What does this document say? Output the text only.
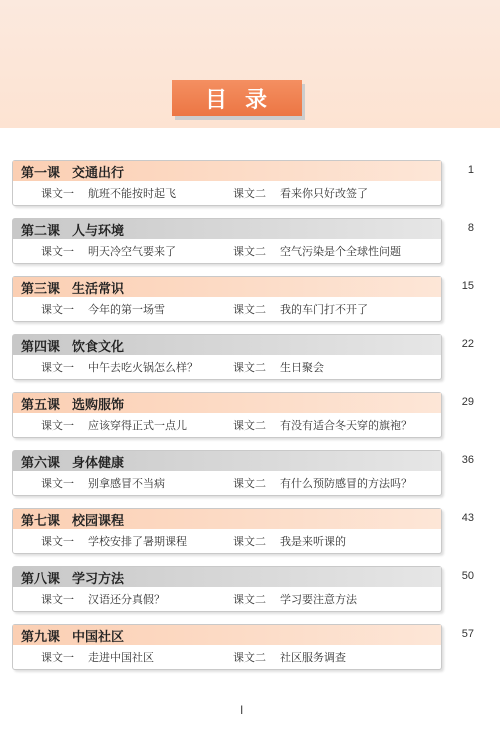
目录
第一课 交通出行
课文一 航班不能按时起飞	课文二 看来你只好改签了
1
第二课 人与环境
课文一 明天冷空气要来了	课文二 空气污染是个全球性问题
8
第三课 生活常识
课文一 今年的第一场雪	课文二 我的车门打不开了
15
第四课 饮食文化
课文一 中午去吃火锅怎么样？	课文二 生日聚会
22
第五课 选购服饰
课文一 应该穿得正式一点儿	课文二 有没有适合冬天穿的旗袍？
29
第六课 身体健康
课文一 别拿感冒不当病	课文二 有什么预防感冒的方法吗？
36
第七课 校园课程
课文一 学校安排了暑期课程	课文二 我是来听课的
43
第八课 学习方法
课文一 汉语还分真假？	课文二 学习要注意方法
50
第九课 中国社区
课文一 走进中国社区	课文二 社区服务调查
57
I
